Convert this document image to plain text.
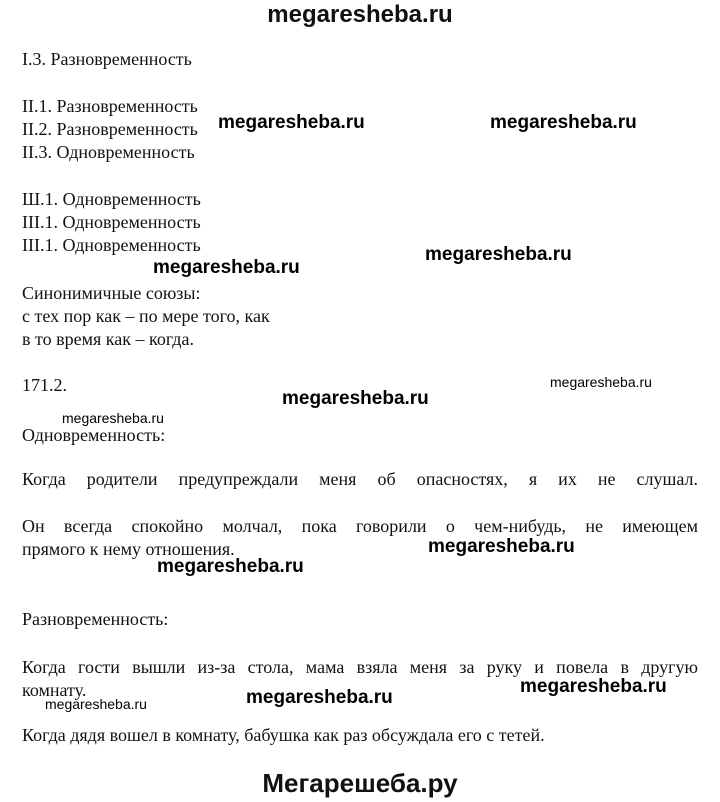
megaresheba.ru

I.3. Разновременность

II.1. Разновременность

II.2. Разновременность

II.3. Одновременность

Ш.1. Одновременность

III.1. Одновременность

III.1. Одновременность

Синонимичные союзы:

с тех пор как – по мере того, как

в то время как – когда.

171.2.

Одновременность:

Когда родители предупреждали меня об опасностях, я их не слушал.

Он всегда спокойно молчал, пока говорили о чем-нибудь, не имеющем

прямого к нему отношения.

Разновременность:

Когда гости вышли из-за стола, мама взяла меня за руку и повела в другую

комнату.

Когда дядя вошел в комнату, бабушка как раз обсуждала его с тетей.

megaresheba.ru	megaresheba.ru
megaresheba.ru
megaresheba.ru
megaresheba.ru
megaresheba.ru
megaresheba.ru
megaresheba.ru
megaresheba.ru
megaresheba.ru
megaresheba.ru
megaresheba.ru
Мегарешеба.ру
